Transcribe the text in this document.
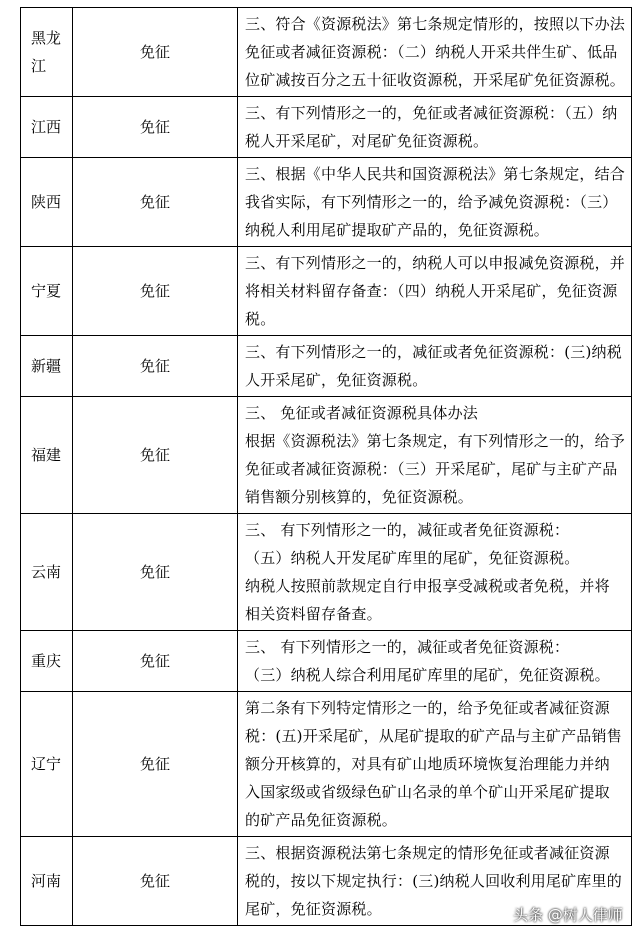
黑龙江	免征	三、符合《资源税法》第七条规定情形的，按照以下办法
免征或者减征资源税：（二）纳税人开采共伴生矿、低品
位矿减按百分之五十征收资源税，开采尾矿免征资源税。

江西	免征	三、有下列情形之一的，免征或者减征资源税：（五）纳
税人开采尾矿，对尾矿免征资源税。

陕西	免征	三、根据《中华人民共和国资源税法》第七条规定，结合
我省实际，有下列情形之一的，给予减免资源税：（三）
纳税人利用尾矿提取矿产品的，免征资源税。

宁夏	免征	三、有下列情形之一的，纳税人可以申报减免资源税，并
将相关材料留存备查：（四）纳税人开采尾矿，免征资源
税。

新疆	免征	三、有下列情形之一的，减征或者免征资源税：(三)纳税
人开采尾矿，免征资源税。

福建	免征	三、 免征或者减征资源税具体办法
根据《资源税法》第七条规定，有下列情形之一的，给予
免征或者减征资源税：（三）开采尾矿，尾矿与主矿产品
销售额分别核算的，免征资源税。

云南	免征	三、 有下列情形之一的，减征或者免征资源税：
（五）纳税人开发尾矿库里的尾矿，免征资源税。
纳税人按照前款规定自行申报享受减税或者免税，并将
相关资料留存备查。

重庆	免征	三、 有下列情形之一的，减征或者免征资源税：
（三）纳税人综合利用尾矿库里的尾矿，免征资源税。

辽宁	免征	第二条有下列特定情形之一的，给予免征或者减征资源
税：(五)开采尾矿，从尾矿提取的矿产品与主矿产品销售
额分开核算的，对具有矿山地质环境恢复治理能力并纳
入国家级或省级绿色矿山名录的单个矿山开采尾矿提取
的矿产品免征资源税。

河南	免征	三、根据资源税法第七条规定的情形免征或者减征资源
税的，按以下规定执行：(三)纳税人回收利用尾矿库里的
尾矿，免征资源税。	头条 @树人律师
